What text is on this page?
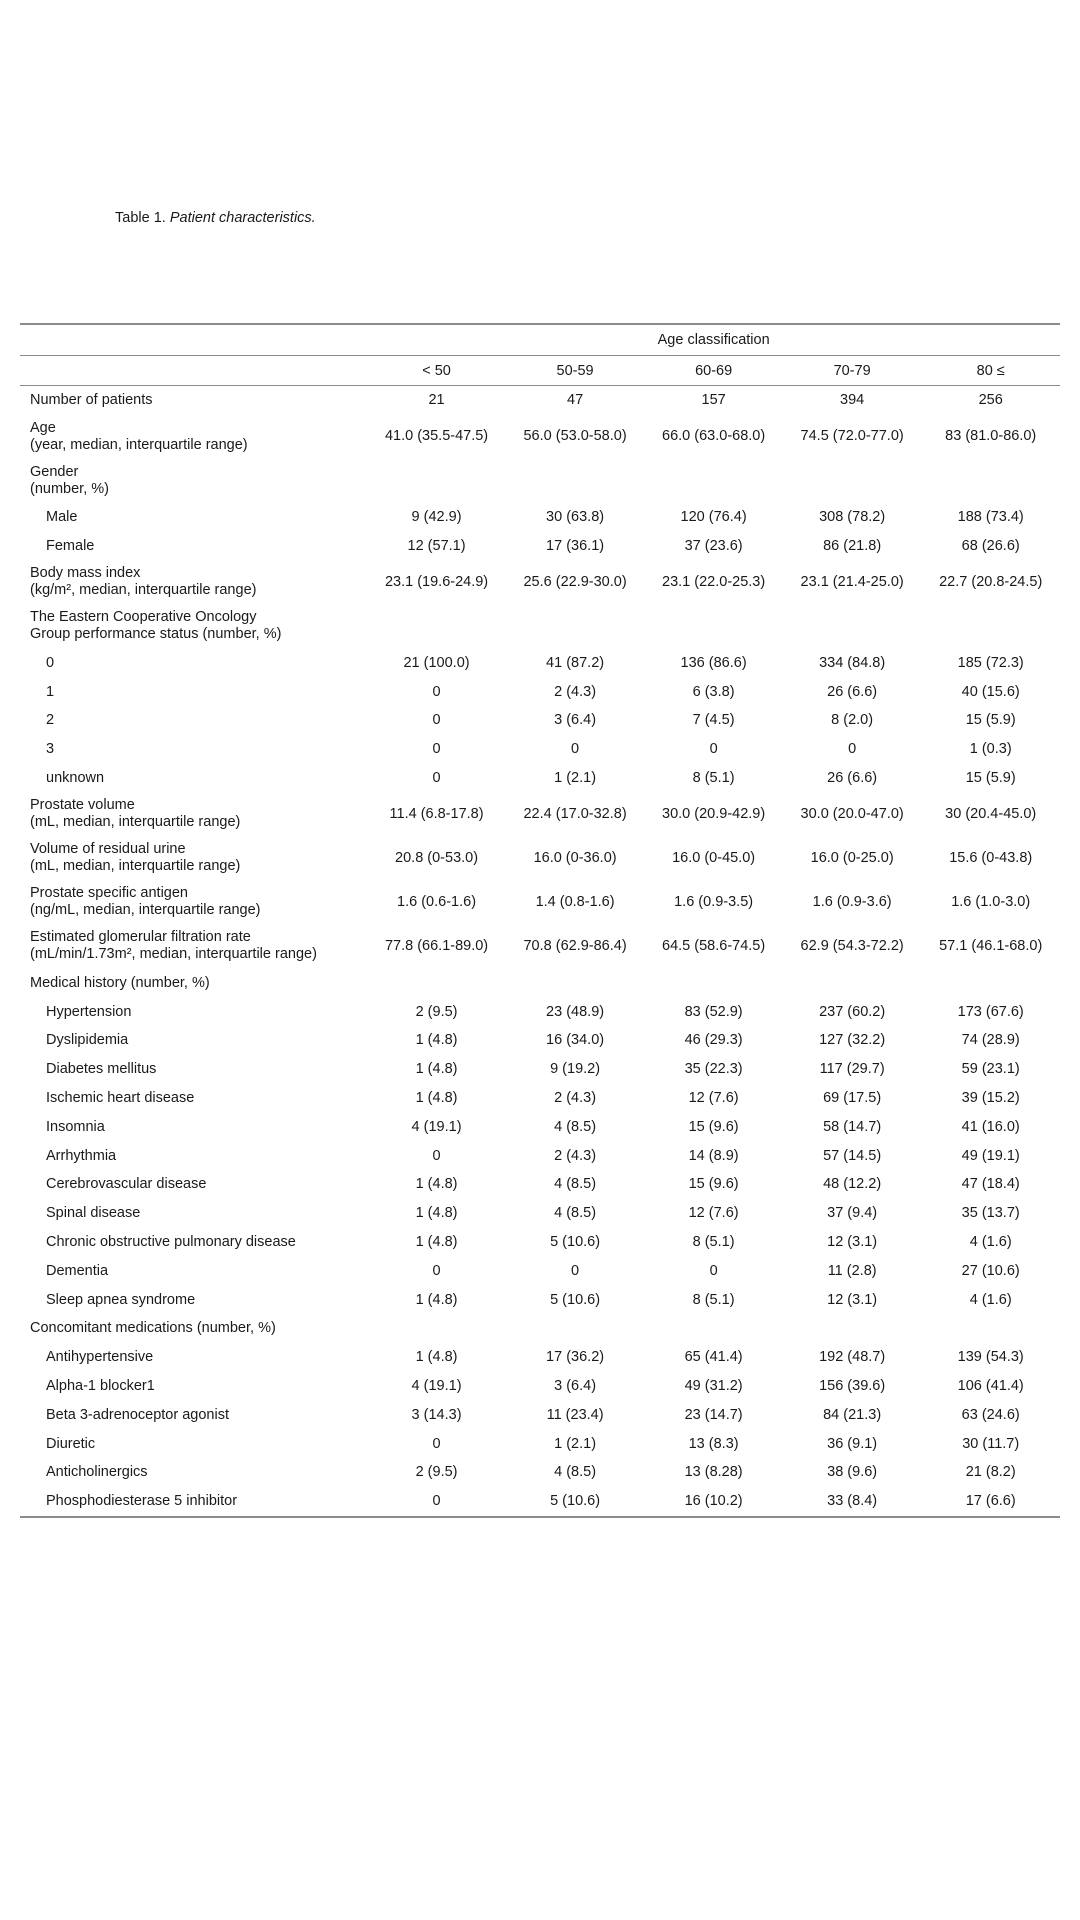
Table 1. Patient characteristics.

	Age classification				
	< 50	50-59	60-69	70-79	80 ≤

Number of patients	21	47	157	394	256

Age
(year, median, interquartile range)	41.0 (35.5-47.5)	56.0 (53.0-58.0)	66.0 (63.0-68.0)	74.5 (72.0-77.0)	83 (81.0-86.0)

Gender
(number, %)					

Male	9 (42.9)	30 (63.8)	120 (76.4)	308 (78.2)	188 (73.4)

Female	12 (57.1)	17 (36.1)	37 (23.6)	86 (21.8)	68 (26.6)

Body mass index
(kg/m², median, interquartile range)	23.1 (19.6-24.9)	25.6 (22.9-30.0)	23.1 (22.0-25.3)	23.1 (21.4-25.0)	22.7 (20.8-24.5)

The Eastern Cooperative Oncology
Group performance status (number, %)					

0	21 (100.0)	41 (87.2)	136 (86.6)	334 (84.8)	185 (72.3)

1	0	2 (4.3)	6 (3.8)	26 (6.6)	40 (15.6)

2	0	3 (6.4)	7 (4.5)	8 (2.0)	15 (5.9)

3	0	0	0	0	1 (0.3)

unknown	0	1 (2.1)	8 (5.1)	26 (6.6)	15 (5.9)

Prostate volume
(mL, median, interquartile range)	11.4 (6.8-17.8)	22.4 (17.0-32.8)	30.0 (20.9-42.9)	30.0 (20.0-47.0)	30 (20.4-45.0)

Volume of residual urine
(mL, median, interquartile range)	20.8 (0-53.0)	16.0 (0-36.0)	16.0 (0-45.0)	16.0 (0-25.0)	15.6 (0-43.8)

Prostate specific antigen
(ng/mL, median, interquartile range)	1.6 (0.6-1.6)	1.4 (0.8-1.6)	1.6 (0.9-3.5)	1.6 (0.9-3.6)	1.6 (1.0-3.0)

Estimated glomerular filtration rate
(mL/min/1.73m², median, interquartile range)	77.8 (66.1-89.0)	70.8 (62.9-86.4)	64.5 (58.6-74.5)	62.9 (54.3-72.2)	57.1 (46.1-68.0)

Medical history (number, %)					

Hypertension	2 (9.5)	23 (48.9)	83 (52.9)	237 (60.2)	173 (67.6)

Dyslipidemia	1 (4.8)	16 (34.0)	46 (29.3)	127 (32.2)	74 (28.9)

Diabetes mellitus	1 (4.8)	9 (19.2)	35 (22.3)	117 (29.7)	59 (23.1)

Ischemic heart disease	1 (4.8)	2 (4.3)	12 (7.6)	69 (17.5)	39 (15.2)

Insomnia	4 (19.1)	4 (8.5)	15 (9.6)	58 (14.7)	41 (16.0)

Arrhythmia	0	2 (4.3)	14 (8.9)	57 (14.5)	49 (19.1)

Cerebrovascular disease	1 (4.8)	4 (8.5)	15 (9.6)	48 (12.2)	47 (18.4)

Spinal disease	1 (4.8)	4 (8.5)	12 (7.6)	37 (9.4)	35 (13.7)

Chronic obstructive pulmonary disease	1 (4.8)	5 (10.6)	8 (5.1)	12 (3.1)	4 (1.6)

Dementia	0	0	0	11 (2.8)	27 (10.6)

Sleep apnea syndrome	1 (4.8)	5 (10.6)	8 (5.1)	12 (3.1)	4 (1.6)

Concomitant medications (number, %)					

Antihypertensive	1 (4.8)	17 (36.2)	65 (41.4)	192 (48.7)	139 (54.3)

Alpha-1 blocker1	4 (19.1)	3 (6.4)	49 (31.2)	156 (39.6)	106 (41.4)

Beta 3-adrenoceptor agonist	3 (14.3)	11 (23.4)	23 (14.7)	84 (21.3)	63 (24.6)

Diuretic	0	1 (2.1)	13 (8.3)	36 (9.1)	30 (11.7)

Anticholinergics	2 (9.5)	4 (8.5)	13 (8.28)	38 (9.6)	21 (8.2)

Phosphodiesterase 5 inhibitor	0	5 (10.6)	16 (10.2)	33 (8.4)	17 (6.6)
